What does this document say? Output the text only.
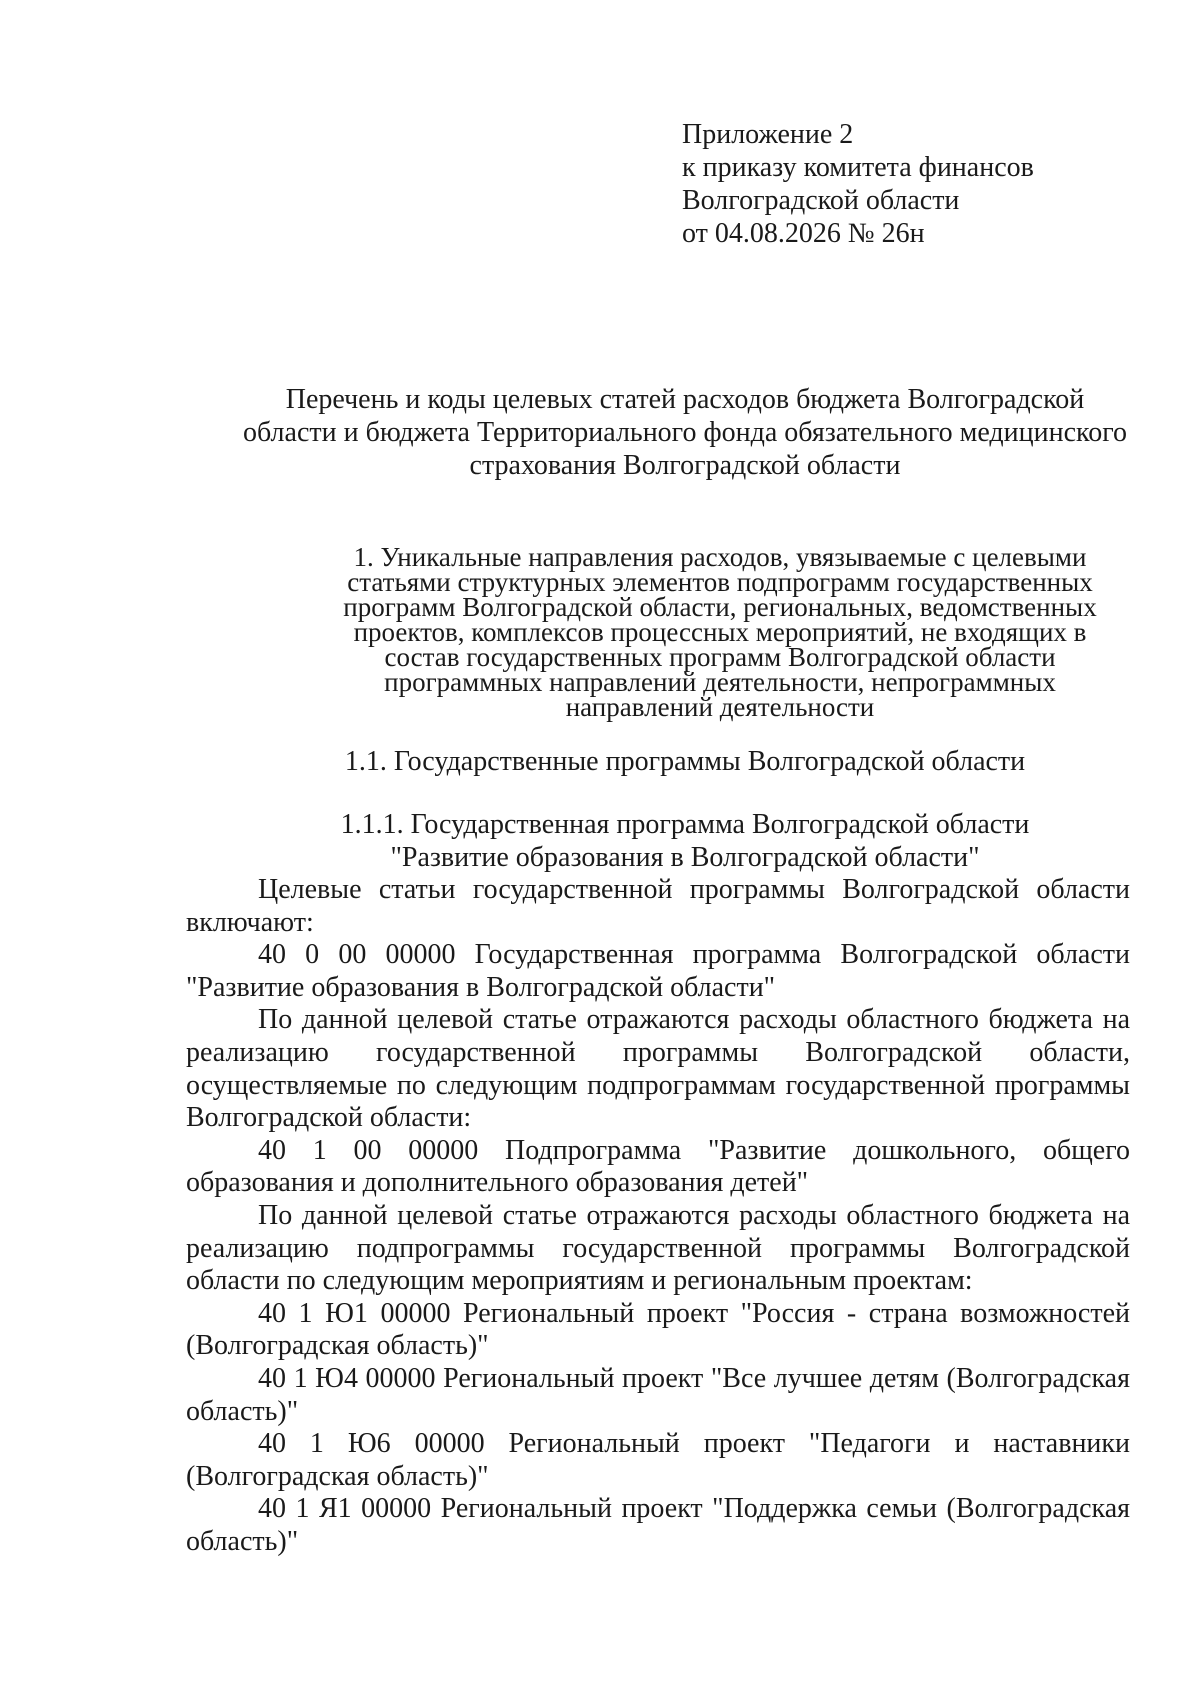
Приложение 2
к приказу комитета финансов
Волгоградской области
от 04.08.2026 № 26н
Перечень и коды целевых статей расходов бюджета Волгоградской
области и бюджета Территориального фонда обязательного медицинского
страхования Волгоградской области
1. Уникальные направления расходов, увязываемые с целевыми
статьями структурных элементов подпрограмм государственных
программ Волгоградской области, региональных, ведомственных
проектов, комплексов процессных мероприятий, не входящих в
состав государственных программ Волгоградской области
программных направлений деятельности, непрограммных
направлений деятельности
1.1. Государственные программы Волгоградской области
1.1.1. Государственная программа Волгоградской области
"Развитие образования в Волгоградской области"

Целевые статьи государственной программы Волгоградской области включают:

40 0 00 00000 Государственная программа Волгоградской области "Развитие образования в Волгоградской области"

По данной целевой статье отражаются расходы областного бюджета на реализацию государственной программы Волгоградской области, осуществляемые по следующим подпрограммам государственной программы Волгоградской области:

40 1 00 00000 Подпрограмма "Развитие дошкольного, общего образования и дополнительного образования детей"

По данной целевой статье отражаются расходы областного бюджета на реализацию подпрограммы государственной программы Волгоградской области по следующим мероприятиям и региональным проектам:

40 1 Ю1 00000 Региональный проект "Россия - страна возможностей (Волгоградская область)"

40 1 Ю4 00000 Региональный проект "Все лучшее детям (Волгоградская область)"

40 1 Ю6 00000 Региональный проект "Педагоги и наставники (Волгоградская область)"

40 1 Я1 00000 Региональный проект "Поддержка семьи (Волгоградская область)"
